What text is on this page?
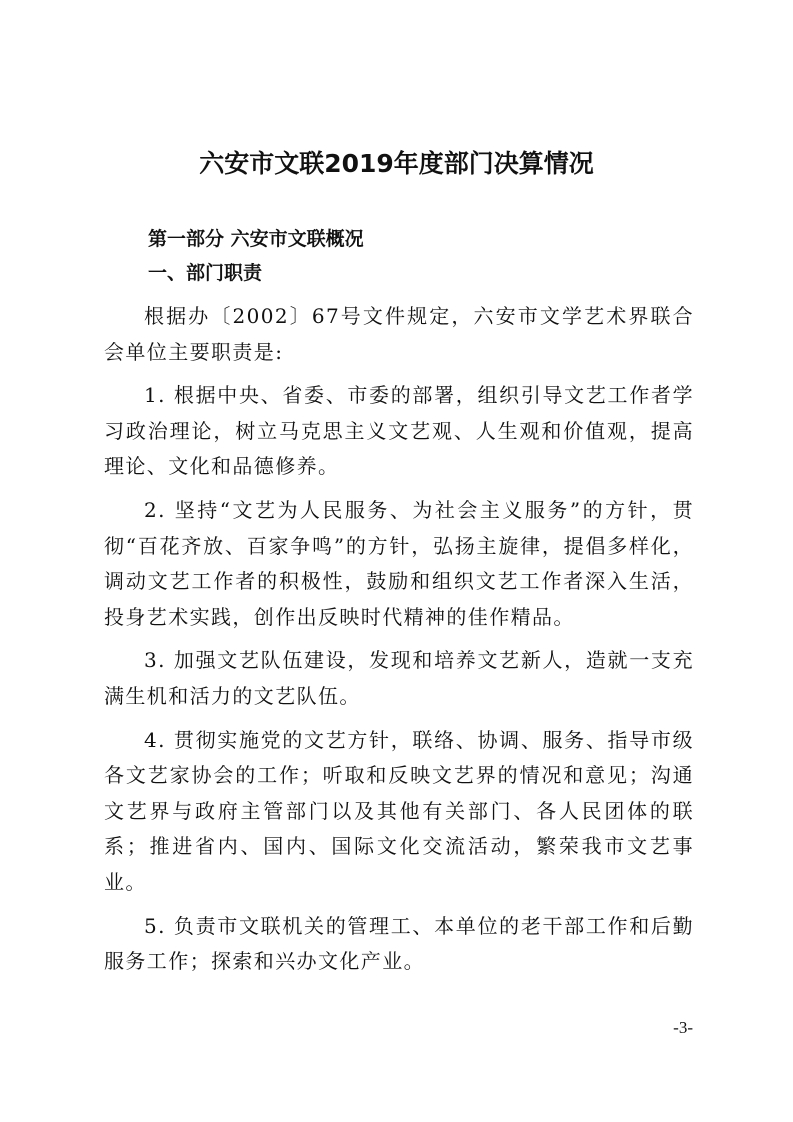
六安市文联2019年度部门决算情况
第一部分 六安市文联概况
一、部门职责

根据办〔2002〕67号文件规定，六安市文学艺术界联合会单位主要职责是:

1. 根据中央、省委、市委的部署，组织引导文艺工作者学习政治理论，树立马克思主义文艺观、人生观和价值观，提高理论、文化和品德修养。

2. 坚持“文艺为人民服务、为社会主义服务”的方针，贯彻“百花齐放、百家争鸣”的方针，弘扬主旋律，提倡多样化，调动文艺工作者的积极性，鼓励和组织文艺工作者深入生活，投身艺术实践，创作出反映时代精神的佳作精品。

3. 加强文艺队伍建设，发现和培养文艺新人，造就一支充满生机和活力的文艺队伍。

4. 贯彻实施党的文艺方针，联络、协调、服务、指导市级各文艺家协会的工作；听取和反映文艺界的情况和意见；沟通文艺界与政府主管部门以及其他有关部门、各人民团体的联系；推进省内、国内、国际文化交流活动，繁荣我市文艺事业。

5. 负责市文联机关的管理工、本单位的老干部工作和后勤服务工作；探索和兴办文化产业。

-3-
